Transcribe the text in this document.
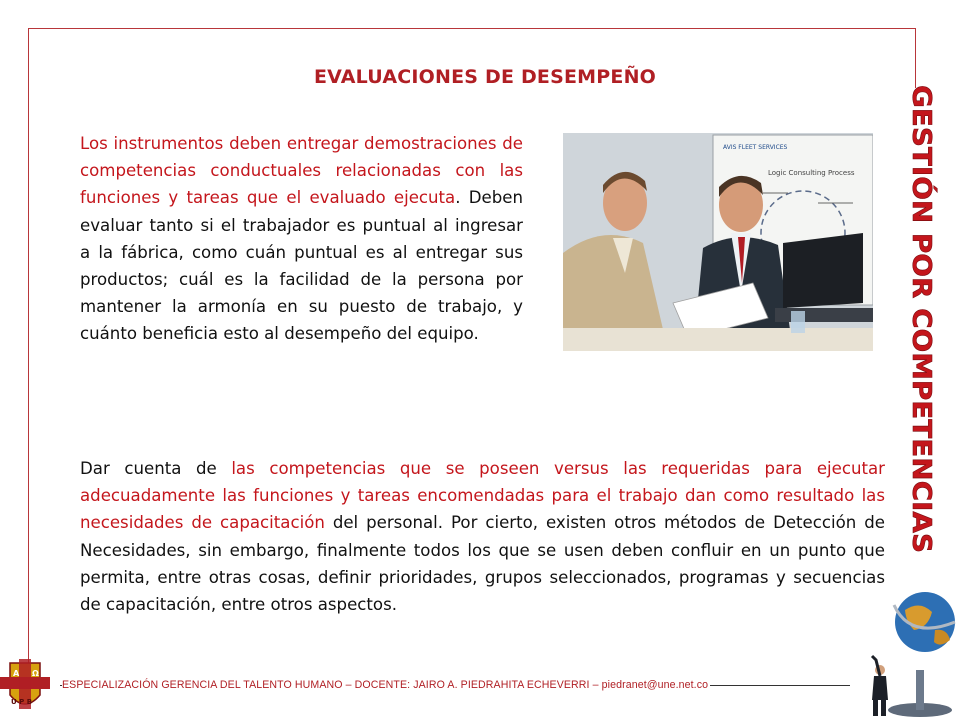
EVALUACIONES DE DESEMPEÑO
Los instrumentos deben entregar demostraciones de competencias conductuales relacionadas con las funciones y tareas que el evaluado ejecuta. Deben evaluar tanto si el trabajador es puntual al ingresar a la fábrica, como cuán puntual es al entregar sus productos; cuál es la facilidad de la persona por mantener la armonía en su puesto de trabajo, y cuánto beneficia esto al desempeño del equipo.
AVIS FLEET SERVICES
Logic Consulting Process GESTIÓN POR COMPETENCIAS
Dar cuenta de las competencias que se poseen versus las requeridas para ejecutar adecuadamente las funciones y tareas encomendadas para el trabajo dan como resultado las necesidades de capacitación del personal. Por cierto, existen otros métodos de Detección de Necesidades, sin embargo, finalmente todos los que se usen deben confluir en un punto que permita, entre otras cosas, definir prioridades, grupos seleccionados, programas y secuencias de capacitación, entre otros aspectos.
ESPECIALIZACIÓN GERENCIA DEL TALENTO HUMANO – DOCENTE: JAIRO A. PIEDRAHITA ECHEVERRI – piedranet@une.net.co
A Ω
U P B
